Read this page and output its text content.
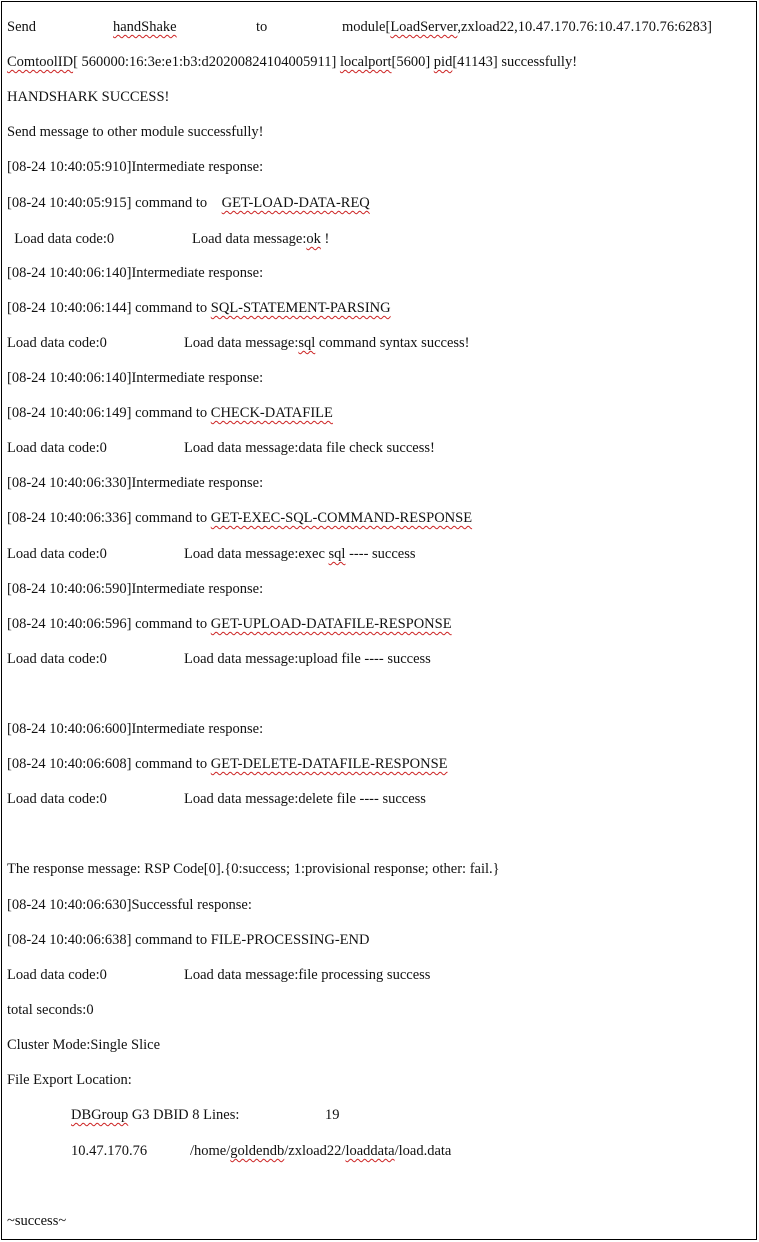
Send	handShake	to	module[LoadServer,zxload22,10.47.170.76:10.47.170.76:6283]
ComtoolID[ 560000:16:3e:e1:b3:d20200824104005911] localport[5600] pid[41143] successfully!
HANDSHARK SUCCESS!
Send message to other module successfully!
[08-24 10:40:05:910]Intermediate response:
[08-24 10:40:05:915] command to    GET-LOAD-DATA-REQ
Load data code:0	Load data message:ok !
[08-24 10:40:06:140]Intermediate response:
[08-24 10:40:06:144] command to SQL-STATEMENT-PARSING
Load data code:0	Load data message:sql command syntax success!
[08-24 10:40:06:140]Intermediate response:
[08-24 10:40:06:149] command to CHECK-DATAFILE
Load data code:0	Load data message:data file check success!
[08-24 10:40:06:330]Intermediate response:
[08-24 10:40:06:336] command to GET-EXEC-SQL-COMMAND-RESPONSE
Load data code:0	Load data message:exec sql ---- success
[08-24 10:40:06:590]Intermediate response:
[08-24 10:40:06:596] command to GET-UPLOAD-DATAFILE-RESPONSE
Load data code:0	Load data message:upload file ---- success
[08-24 10:40:06:600]Intermediate response:
[08-24 10:40:06:608] command to GET-DELETE-DATAFILE-RESPONSE
Load data code:0	Load data message:delete file ---- success
The response message: RSP Code[0].{0:success; 1:provisional response; other: fail.}
[08-24 10:40:06:630]Successful response:
[08-24 10:40:06:638] command to FILE-PROCESSING-END
Load data code:0	Load data message:file processing success
total seconds:0
Cluster Mode:Single Slice
File Export Location:
DBGroup G3 DBID 8 Lines:	19
10.47.170.76	/home/goldendb/zxload22/loaddata/load.data
~success~
